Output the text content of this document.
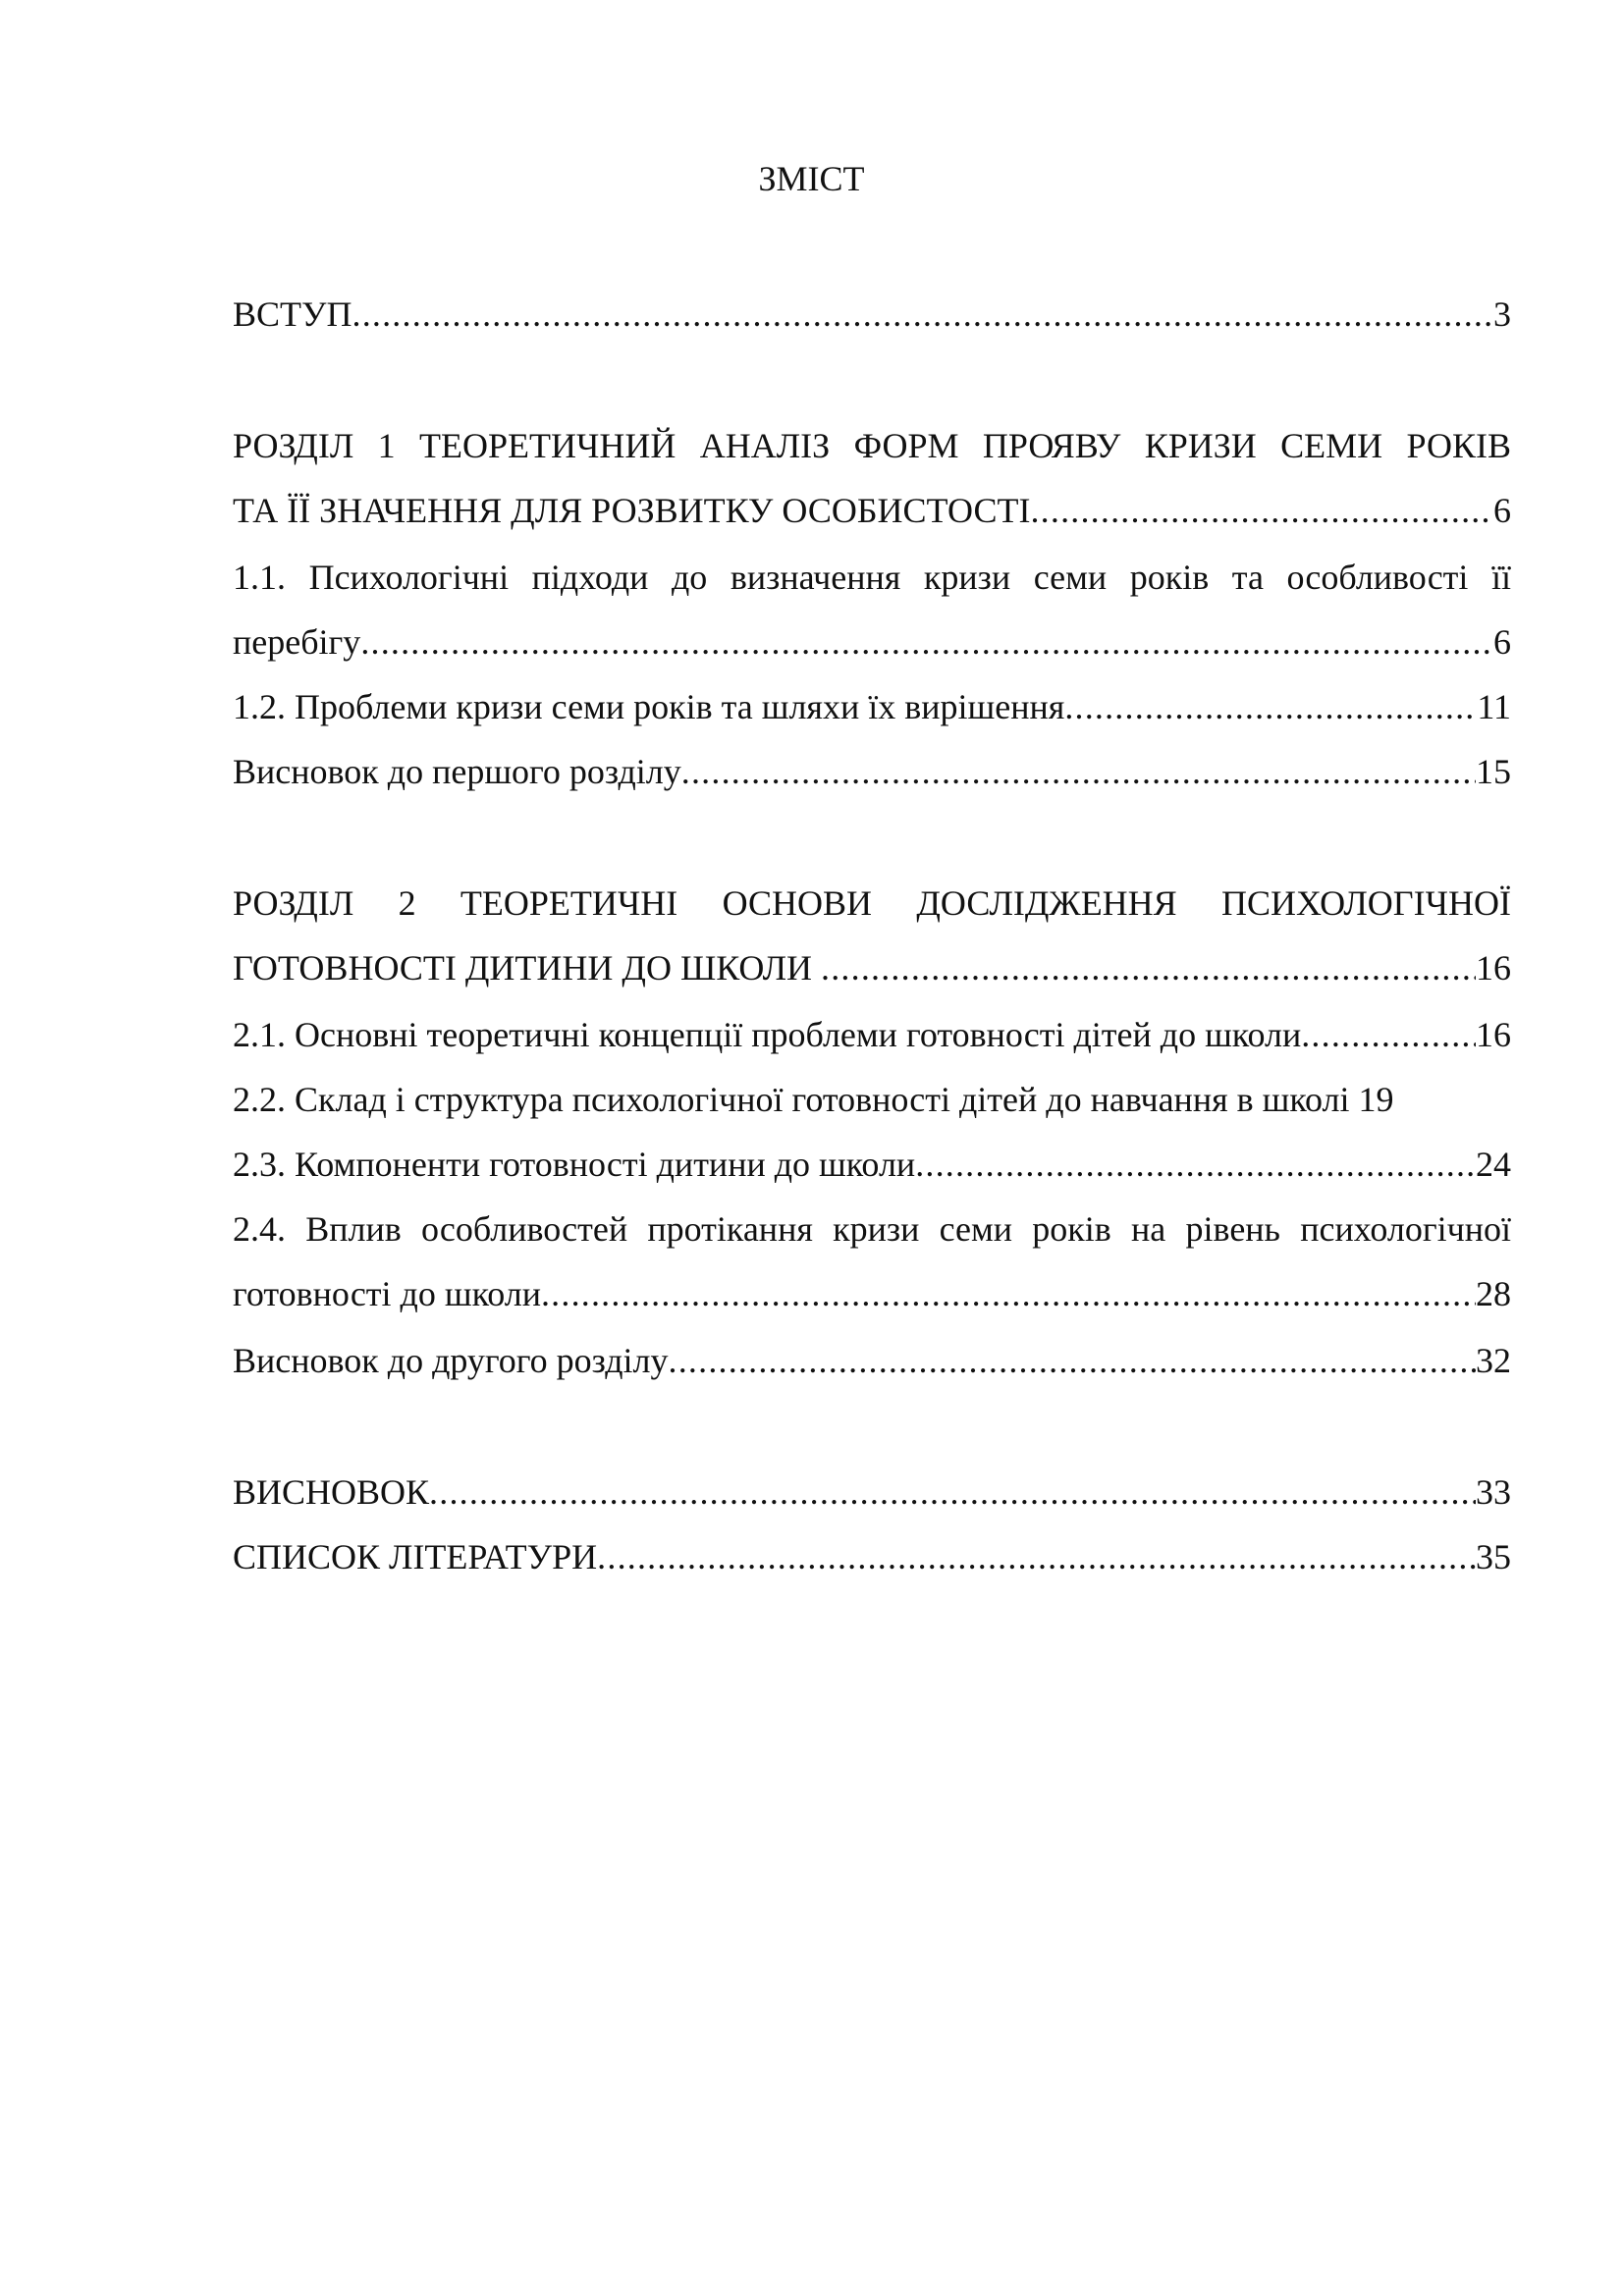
ЗМІСТ
ВСТУП .....	3
РОЗДІЛ 1 ТЕОРЕТИЧНИЙ АНАЛІЗ ФОРМ ПРОЯВУ КРИЗИ СЕМИ РОКІВ
ТА ЇЇ ЗНАЧЕННЯ ДЛЯ РОЗВИТКУ ОСОБИСТОСТІ .....	6
1.1. Психологічні підходи до визначення кризи семи років та особливості її
перебігу .....	6
1.2. Проблеми кризи семи років та шляхи їх вирішення .....	11
Висновок до першого розділу .....	15
РОЗДІЛ 2 ТЕОРЕТИЧНІ ОСНОВИ ДОСЛІДЖЕННЯ ПСИХОЛОГІЧНОЇ
ГОТОВНОСТІ ДИТИНИ ДО ШКОЛИ .....	16
2.1. Основні теоретичні концепції проблеми готовності дітей до школи .....	16
2.2. Склад і структура психологічної готовності дітей до навчання в школі 19
2.3. Компоненти готовності дитини до школи .....	24
2.4. Вплив особливостей протікання кризи семи років на рівень психологічної
готовності до школи .....	28
Висновок до другого розділу .....	32
ВИСНОВОК .....	33
СПИСОК ЛІТЕРАТУРИ .....	35
